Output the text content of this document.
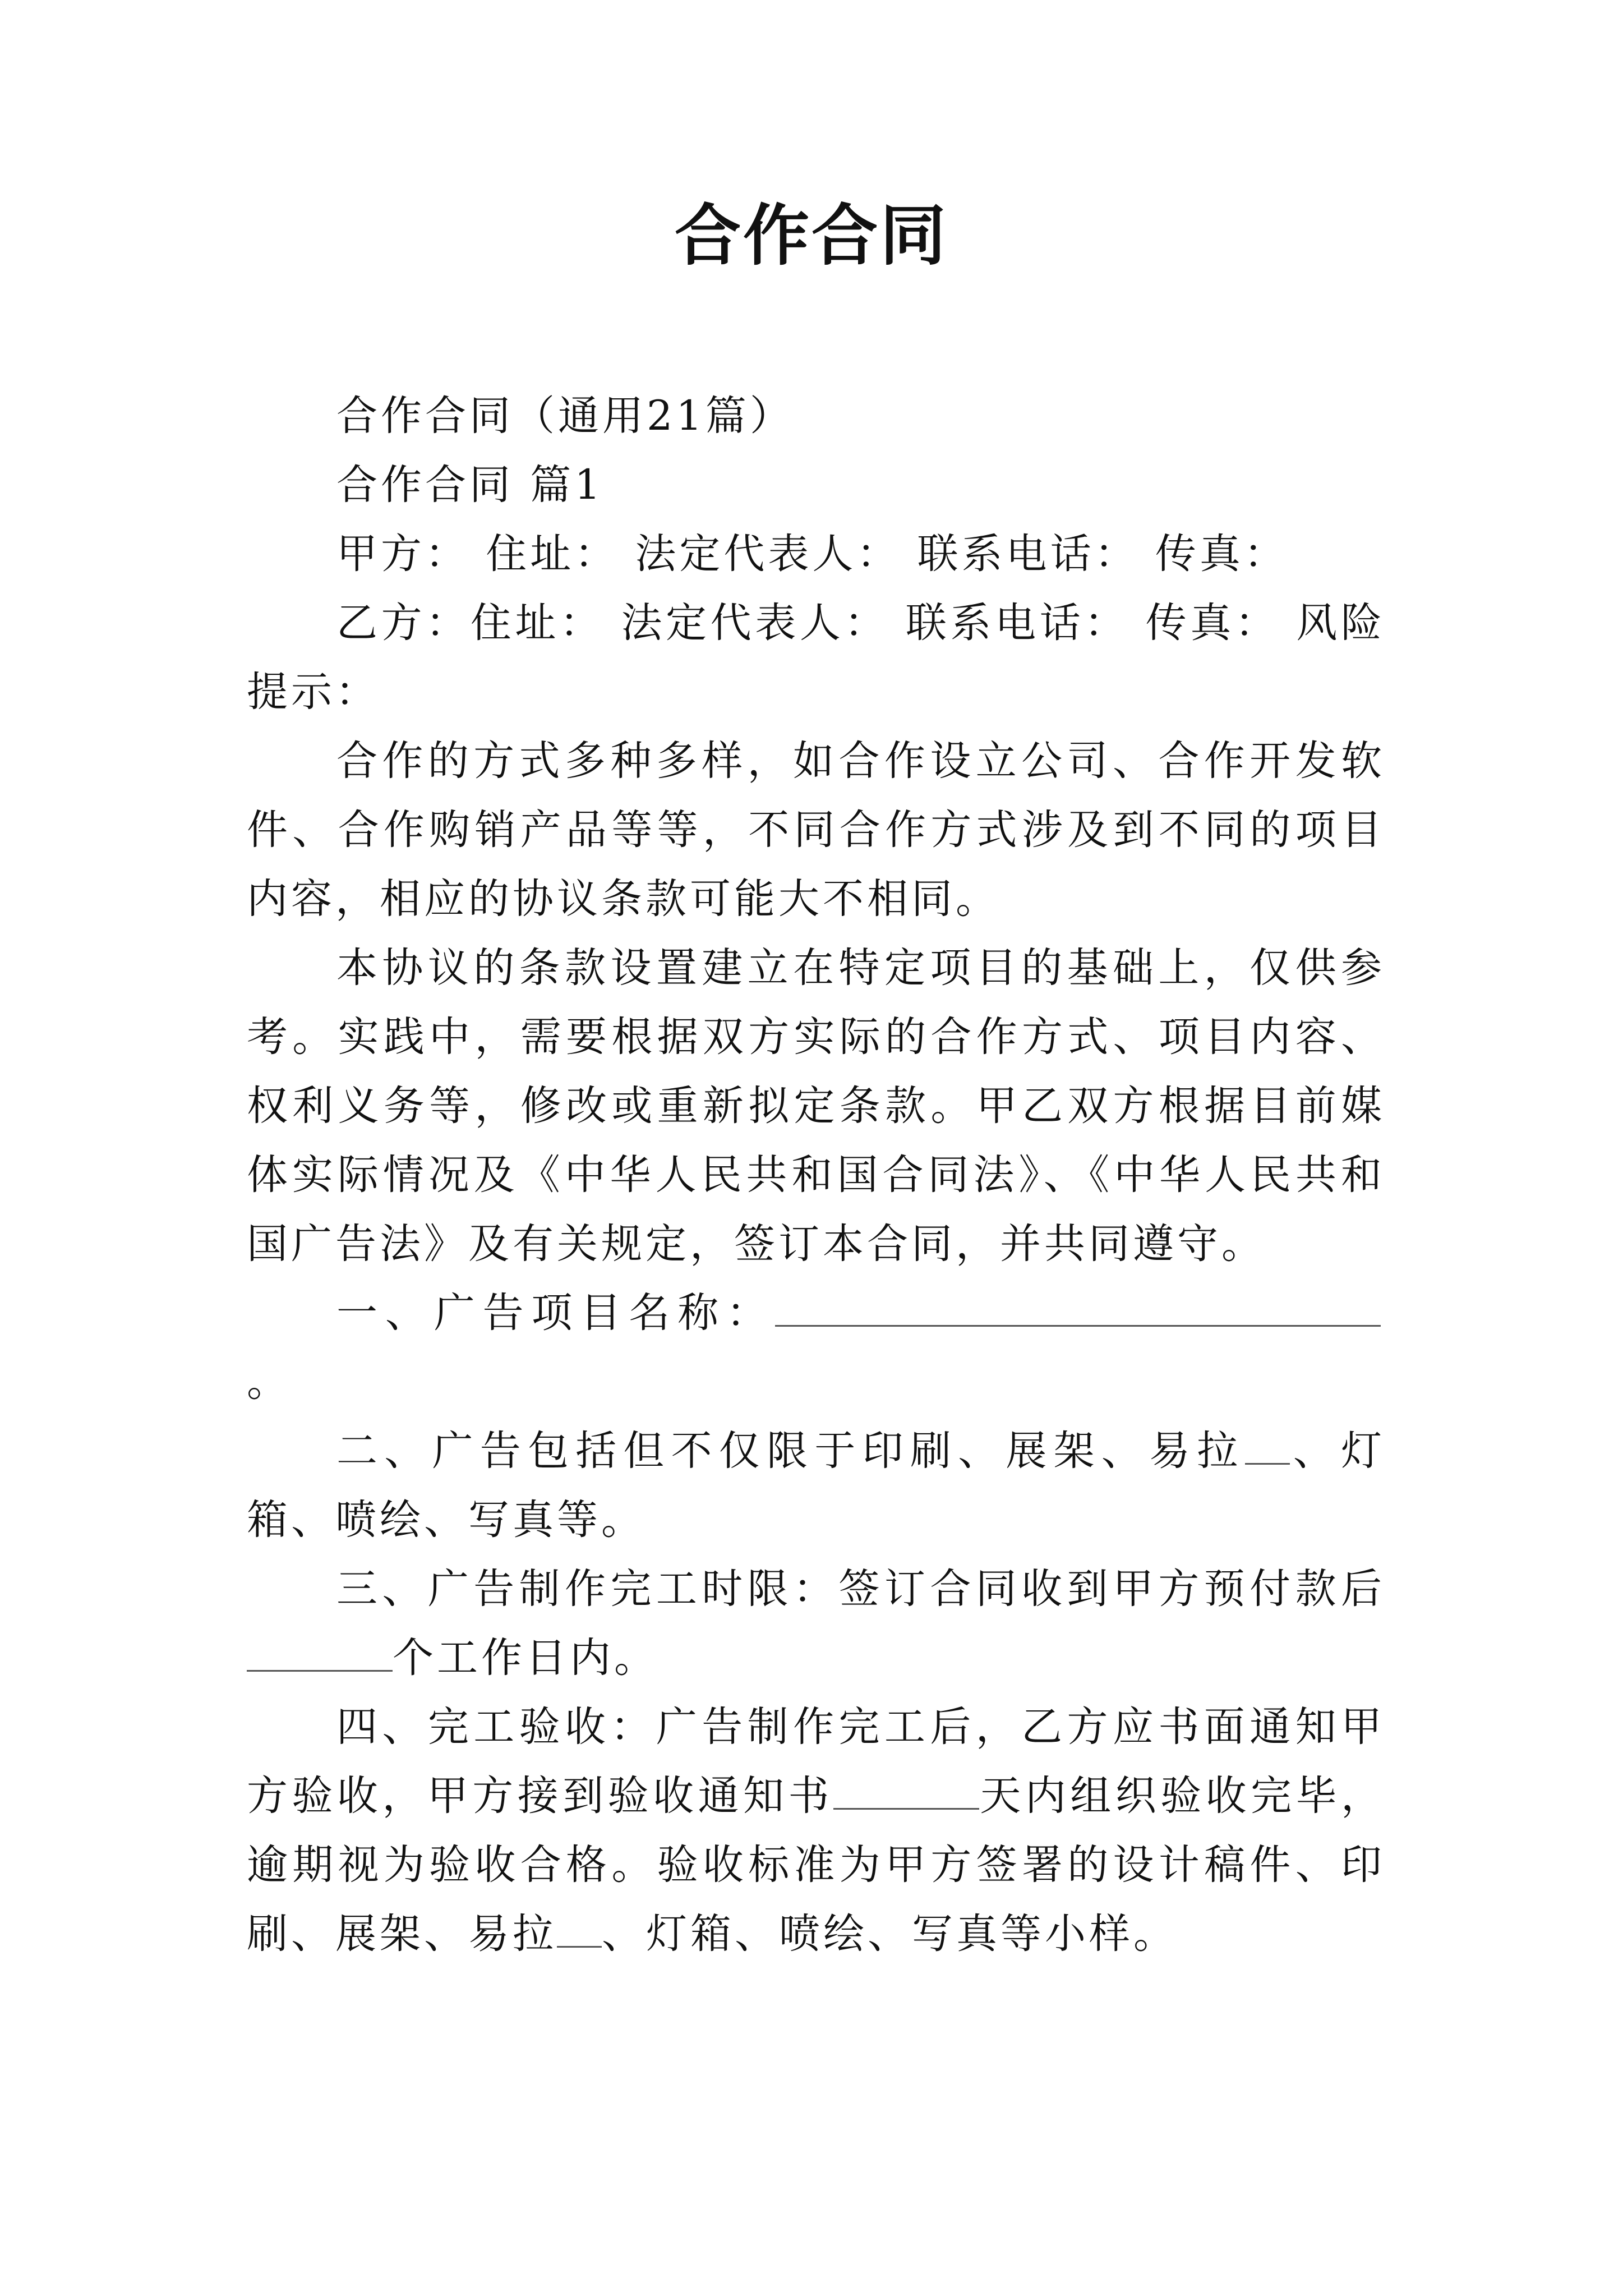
合作合同

合作合同（通用21篇）

合作合同 篇1

甲方： 住址： 法定代表人： 联系电话： 传真：

乙方：住址： 法定代表人： 联系电话： 传真： 风险提示：

合作的方式多种多样，如合作设立公司、合作开发软件、合作购销产品等等，不同合作方式涉及到不同的项目内容，相应的协议条款可能大不相同。

本协议的条款设置建立在特定项目的基础上，仅供参考。实践中，需要根据双方实际的合作方式、项目内容、权利义务等，修改或重新拟定条款。甲乙双方根据目前媒体实际情况及《中华人民共和国合同法》、《中华人民共和国广告法》及有关规定，签订本合同，并共同遵守。

一、广告项目名称：。

二、广告包括但不仅限于印刷、展架、易拉 、灯箱、喷绘、写真等。

三、广告制作完工时限：签订合同收到甲方预付款后个工作日内。

四、完工验收：广告制作完工后，乙方应书面通知甲方验收，甲方接到验收通知书	天内组织验收完毕，逾期视为验收合格。验收标准为甲方签署的设计稿件、印刷、展架、易拉 、灯箱、喷绘、写真等小样。
